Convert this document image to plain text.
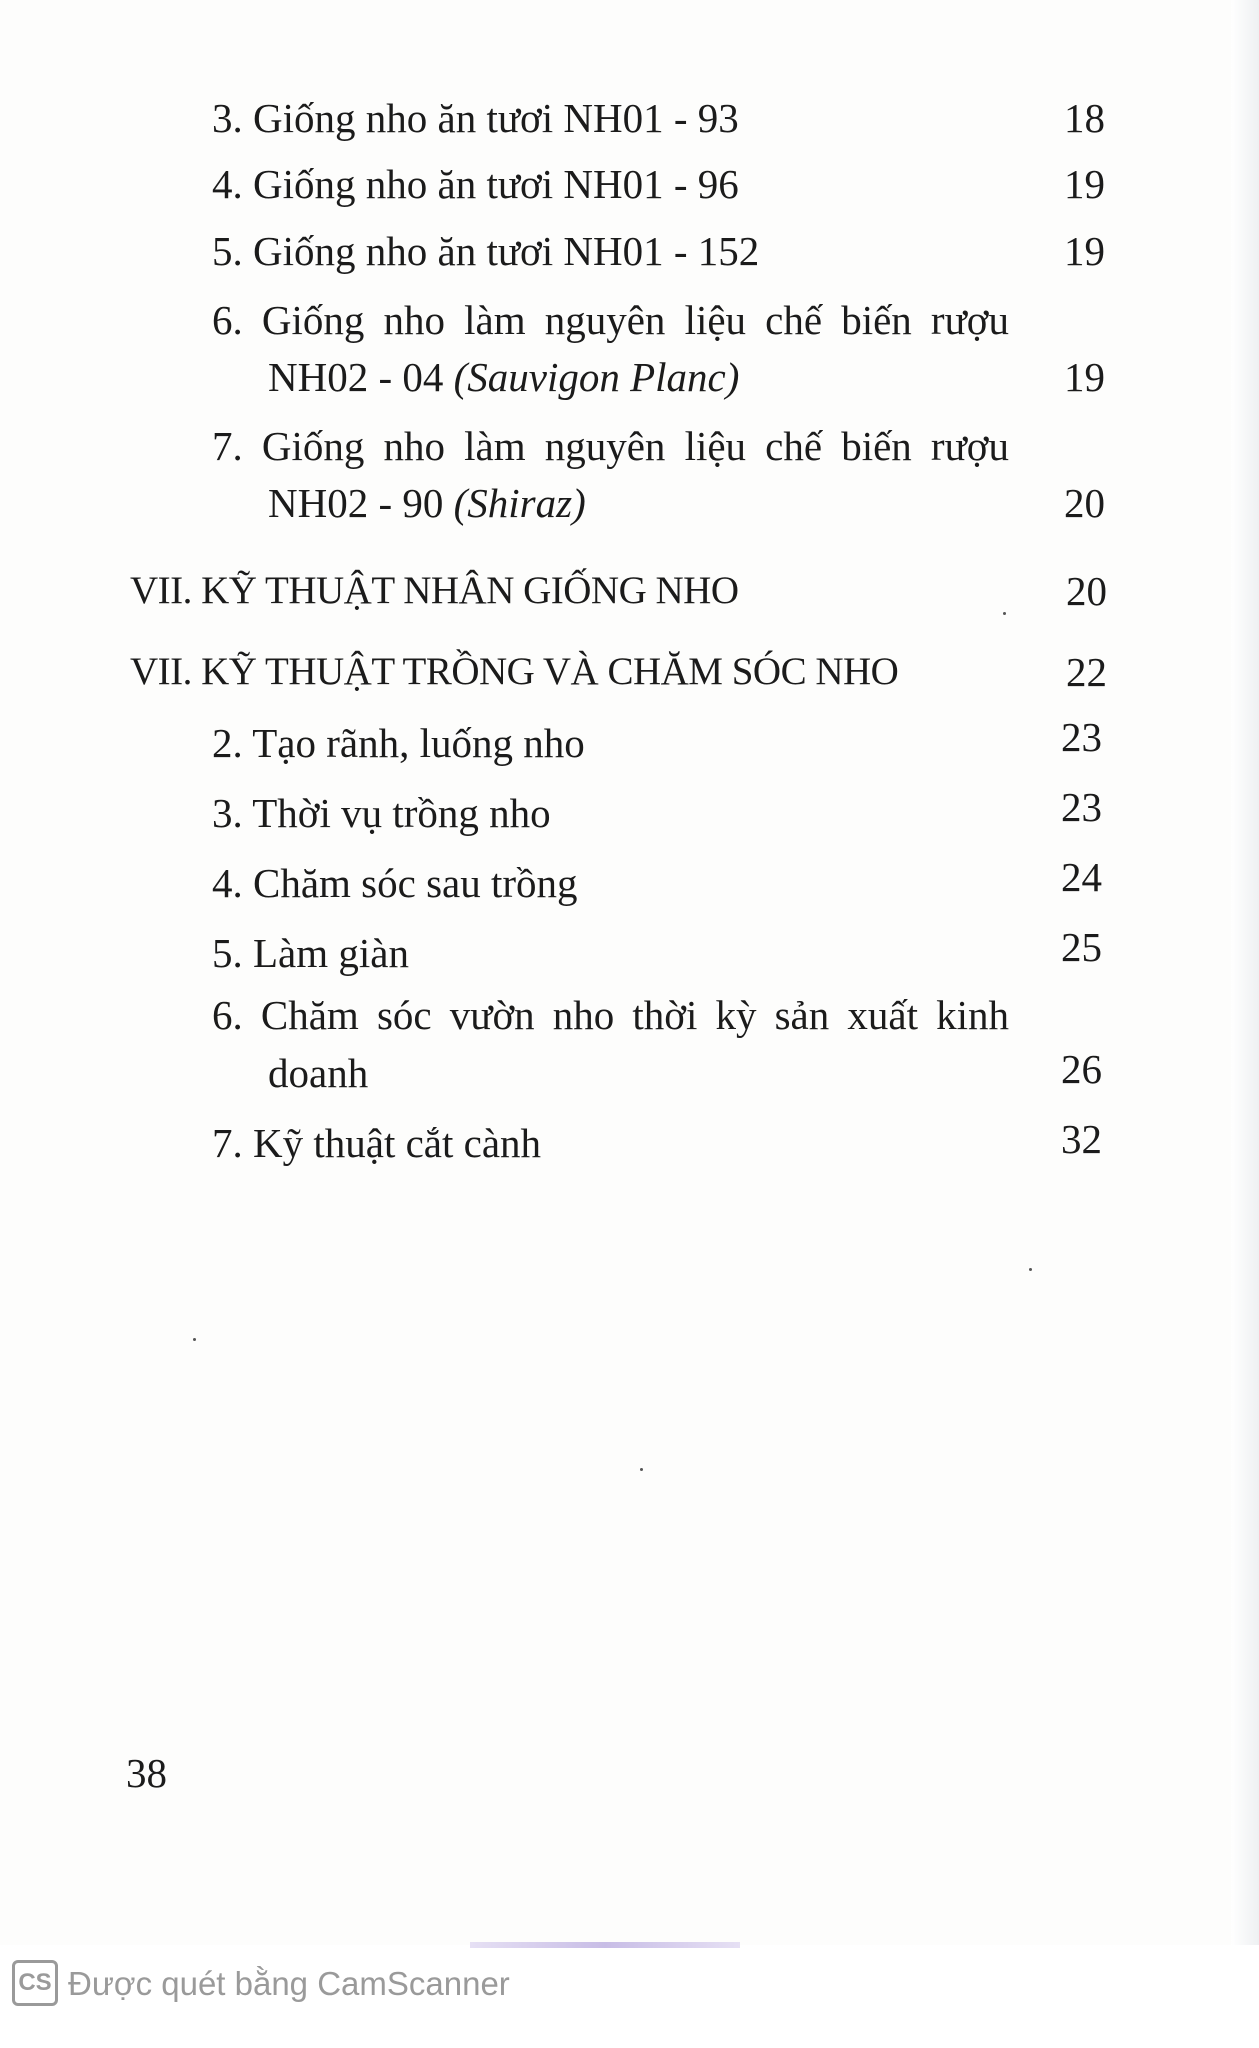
3. Giống nho ăn tươi NH01 - 93	18
4. Giống nho ăn tươi NH01 - 96	19
5. Giống nho ăn tươi NH01 - 152	19
6. Giống nho làm nguyên liệu chế biến rượu
NH02 - 04 (Sauvigon Planc)	19
7. Giống nho làm nguyên liệu chế biến rượu
NH02 - 90 (Shiraz)	20
VII. KỸ THUẬT NHÂN GIỐNG NHO	20
VII. KỸ THUẬT TRỒNG VÀ CHĂM SÓC NHO	22
2. Tạo rãnh, luống nho	23
3. Thời vụ trồng nho	23
4. Chăm sóc sau trồng	24
5. Làm giàn	25
6. Chăm sóc vườn nho thời kỳ sản xuất kinh
doanh	26
7. Kỹ thuật cắt cành	32
38
CS Được quét bằng CamScanner
